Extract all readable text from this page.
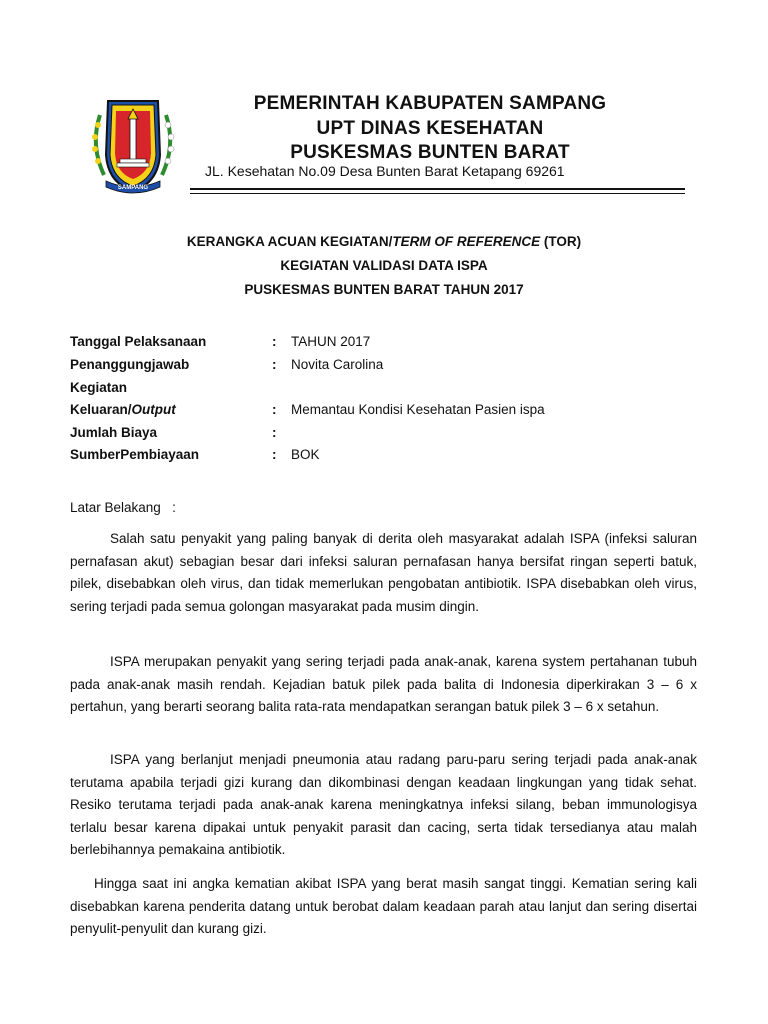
SAMPANG
PEMERINTAH KABUPATEN SAMPANG
UPT DINAS KESEHATAN
PUSKESMAS BUNTEN BARAT
JL. Kesehatan No.09 Desa Bunten Barat Ketapang 69261
KERANGKA ACUAN KEGIATAN/TERM OF REFERENCE (TOR)
KEGIATAN VALIDASI DATA ISPA
PUSKESMAS BUNTEN BARAT TAHUN 2017
Tanggal Pelaksanaan	: TAHUN 2017
Penanggungjawab	: Novita Carolina
Kegiatan
Keluaran/Output	: Memantau Kondisi Kesehatan Pasien ispa
Jumlah Biaya	:
SumberPembiayaan	: BOK
Latar Belakang   :

Salah satu penyakit yang paling banyak di derita oleh masyarakat adalah ISPA (infeksi saluran pernafasan akut) sebagian besar dari infeksi saluran pernafasan hanya bersifat ringan seperti batuk, pilek, disebabkan oleh virus, dan tidak memerlukan pengobatan antibiotik. ISPA disebabkan oleh virus, sering terjadi pada semua golongan masyarakat pada musim dingin.

ISPA merupakan penyakit yang sering terjadi pada anak-anak, karena system pertahanan tubuh pada anak-anak masih rendah. Kejadian batuk pilek pada balita di Indonesia diperkirakan 3 – 6 x pertahun, yang berarti seorang balita rata-rata mendapatkan serangan batuk pilek 3 – 6 x setahun.

ISPA yang berlanjut menjadi pneumonia atau radang paru-paru sering terjadi pada anak-anak terutama apabila terjadi gizi kurang dan dikombinasi dengan keadaan lingkungan yang tidak sehat. Resiko terutama terjadi pada anak-anak karena meningkatnya infeksi silang, beban immunologisya terlalu besar karena dipakai untuk penyakit parasit dan cacing, serta tidak tersedianya atau malah berlebihannya pemakaina antibiotik.

Hingga saat ini angka kematian akibat ISPA yang berat masih sangat tinggi. Kematian sering kali disebabkan karena penderita datang untuk berobat dalam keadaan parah atau lanjut dan sering disertai penyulit-penyulit dan kurang gizi.
